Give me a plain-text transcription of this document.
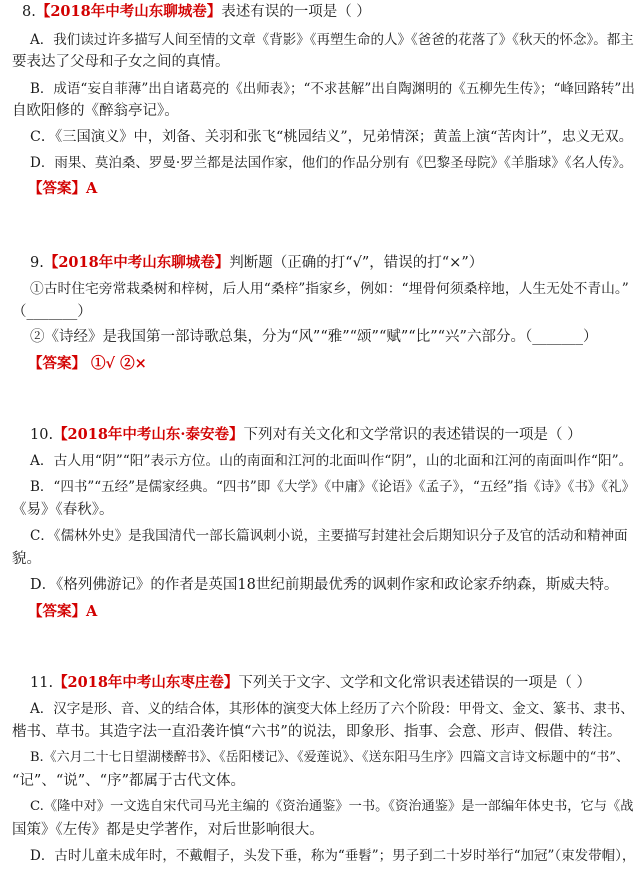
8.【2018年中考山东聊城卷】表述有误的一项是（ ）
A．我们读过许多描写人间至情的文章《背影》《再塑生命的人》《爸爸的花落了》《秋天的怀念》。都主
要表达了父母和子女之间的真情。
B．成语“妄自菲薄”出自诸葛亮的《出师表》；“不求甚解”出自陶渊明的《五柳先生传》；“峰回路转”出
自欧阳修的《醉翁亭记》。
C．《三国演义》中，刘备、关羽和张飞“桃园结义”，兄弟情深；黄盖上演“苦肉计”，忠义无双。
D．雨果、莫泊桑、罗曼·罗兰都是法国作家，他们的作品分别有《巴黎圣母院》《羊脂球》《名人传》。
【答案】A
9.【2018年中考山东聊城卷】判断题（正确的打“√”，错误的打“×”）
①古时住宅旁常栽桑树和梓树，后人用“桑梓”指家乡，例如：“埋骨何须桑梓地，人生无处不青山。”
（_______）
②《诗经》是我国第一部诗歌总集，分为“风”“雅”“颂”“赋”“比”“兴”六部分。（_______）
【答案】 ①√ ②×
10.【2018年中考山东·泰安卷】下列对有关文化和文学常识的表述错误的一项是（ ）
A．古人用“阴”“阳”表示方位。山的南面和江河的北面叫作“阴”，山的北面和江河的南面叫作“阳”。
B．“四书”“五经”是儒家经典。“四书”即《大学》《中庸》《论语》《孟子》，“五经”指《诗》《书》《礼》
《易》《春秋》。
C．《儒林外史》是我国清代一部长篇讽刺小说，主要描写封建社会后期知识分子及官的活动和精神面
貌。
D．《格列佛游记》的作者是英国18世纪前期最优秀的讽刺作家和政论家乔纳森，斯威夫特。
【答案】A
11.【2018年中考山东枣庄卷】下列关于文字、文学和文化常识表述错误的一项是（ ）
A．汉字是形、音、义的结合体，其形体的演变大体上经历了六个阶段：甲骨文、金文、篆书、隶书、
楷书、草书。其造字法一直沿袭许慎“六书”的说法，即象形、指事、会意、形声、假借、转注。
B.《六月二十七日望湖楼醉书》、《岳阳楼记》、《爱莲说》、《送东阳马生序》四篇文言诗文标题中的“书”、
“记”、“说”、“序”都属于古代文体。
C.《隆中对》一文选自宋代司马光主编的《资治通鉴》一书。《资治通鉴》是一部编年体史书，它与《战
国策》《左传》都是史学著作，对后世影响很大。
D．古时儿童未成年时，不戴帽子，头发下垂，称为“垂髫”；男子到二十岁时举行“加冠”（束发带帽），
